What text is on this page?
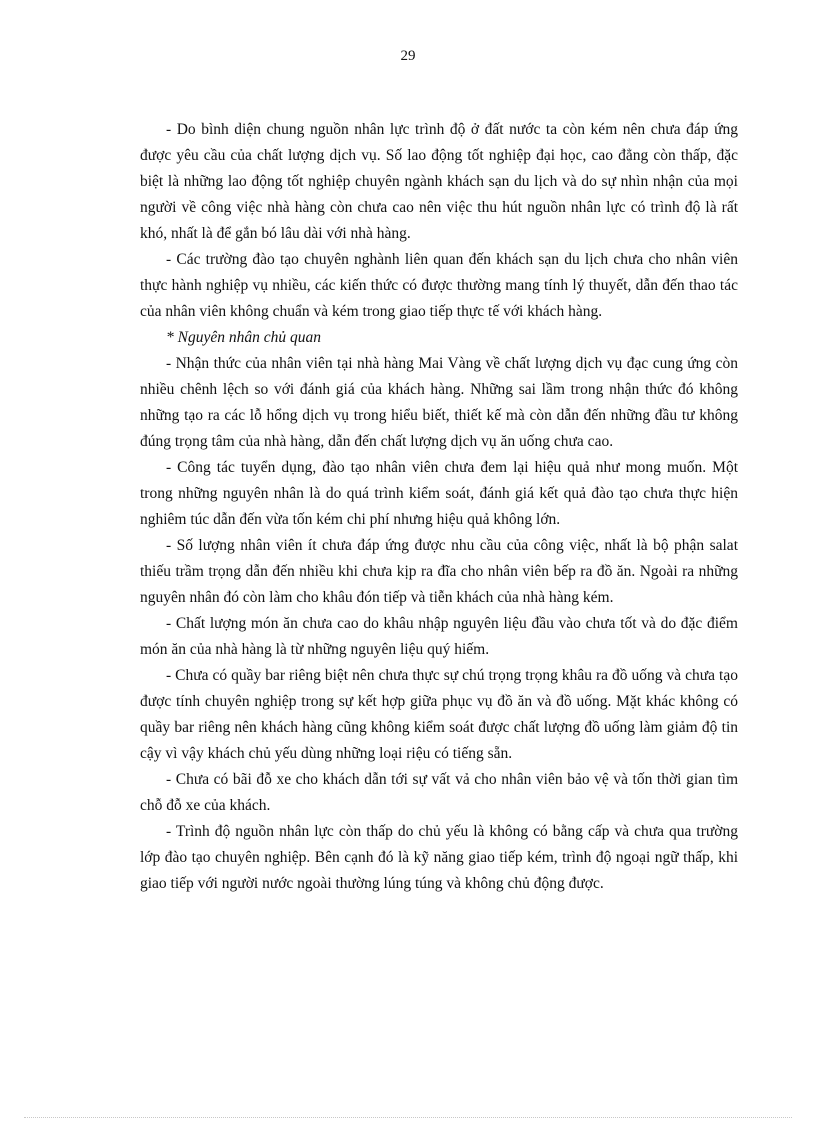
29

- Do bình diện chung nguồn nhân lực trình độ ở đất nước ta còn kém nên chưa đáp ứng được yêu cầu của chất lượng dịch vụ. Số lao động tốt nghiệp đại học, cao đẳng còn thấp, đặc biệt là những lao động tốt nghiệp chuyên ngành khách sạn du lịch và do sự nhìn nhận của mọi người về công việc nhà hàng còn chưa cao nên việc thu hút nguồn nhân lực có trình độ là rất khó, nhất là để gắn bó lâu dài với nhà hàng.

- Các trường đào tạo chuyên nghành liên quan đến khách sạn du lịch chưa cho nhân viên thực hành nghiệp vụ nhiều, các kiến thức có được thường mang tính lý thuyết, dẫn đến thao tác của nhân viên không chuẩn và kém trong giao tiếp thực tế với khách hàng.

* Nguyên nhân chủ quan

- Nhận thức của nhân viên tại nhà hàng Mai Vàng về chất lượng dịch vụ đạc cung ứng còn nhiều chênh lệch so với đánh giá của khách hàng. Những sai lầm trong nhận thức đó không những tạo ra các lỗ hổng dịch vụ trong hiểu biết, thiết kế mà còn dẫn đến những đầu tư không đúng trọng tâm của nhà hàng, dẫn đến chất lượng dịch vụ ăn uống chưa cao.

- Công tác tuyển dụng, đào tạo nhân viên chưa đem lại hiệu quả như mong muốn. Một trong những nguyên nhân là do quá trình kiểm soát, đánh giá kết quả đào tạo chưa thực hiện nghiêm túc dẫn đến vừa tốn kém chi phí nhưng hiệu quả không lớn.

- Số lượng nhân viên ít chưa đáp ứng được nhu cầu của công việc, nhất là bộ phận salat thiếu trầm trọng dẫn đến nhiều khi chưa kịp ra đĩa cho nhân viên bếp ra đồ ăn. Ngoài ra những nguyên nhân đó còn làm cho khâu đón tiếp và tiễn khách của nhà hàng kém.

- Chất lượng món ăn chưa cao do khâu nhập nguyên liệu đầu vào chưa tốt và do đặc điểm món ăn của nhà hàng là từ những nguyên liệu quý hiếm.

- Chưa có quầy bar riêng biệt nên chưa thực sự chú trọng trọng khâu ra đồ uống và chưa tạo được tính chuyên nghiệp trong sự kết hợp giữa phục vụ đồ ăn và đồ uống. Mặt khác không có quầy bar riêng nên khách hàng cũng không kiểm soát được chất lượng đồ uống làm giảm độ tin cậy vì vậy khách chủ yếu dùng những loại riệu có tiếng sẵn.

- Chưa có bãi đỗ xe cho khách dẫn tới sự vất vả cho nhân viên bảo vệ và tốn thời gian tìm chỗ đỗ xe của khách.

- Trình độ nguồn nhân lực còn thấp do chủ yếu là không có bằng cấp và chưa qua trường lớp đào tạo chuyên nghiệp. Bên cạnh đó là kỹ năng giao tiếp kém, trình độ ngoại ngữ thấp, khi giao tiếp với người nước ngoài thường lúng túng và không chủ động được.
